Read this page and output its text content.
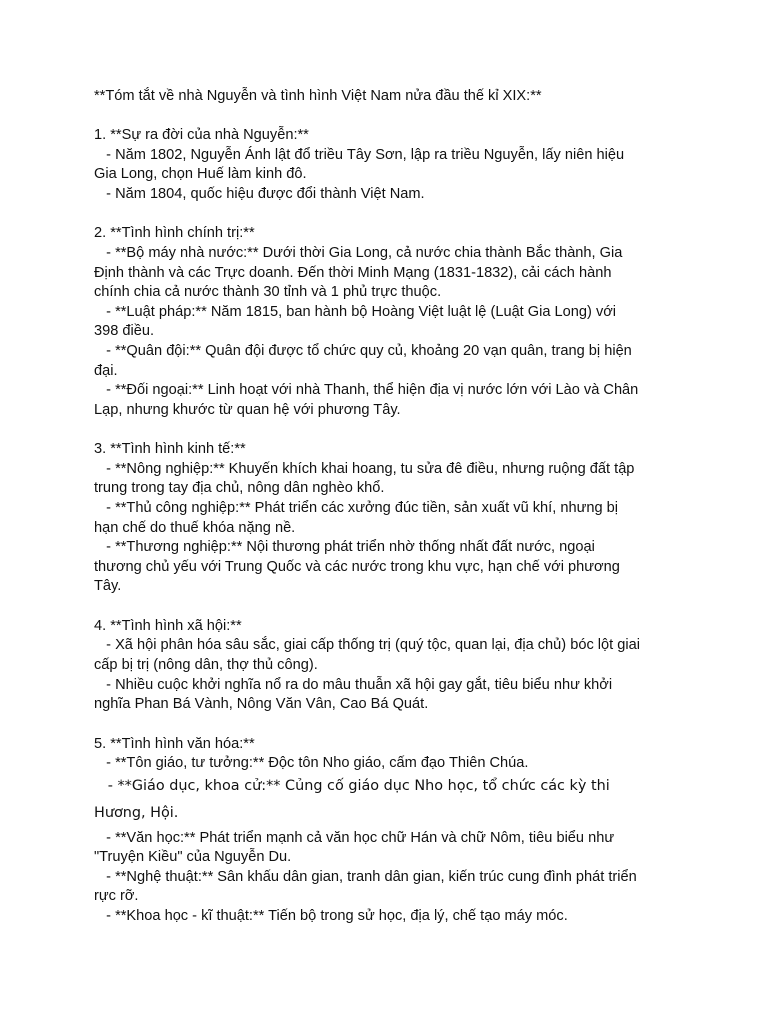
**Tóm tắt về nhà Nguyễn và tình hình Việt Nam nửa đầu thế kỉ XIX:**

1. **Sự ra đời của nhà Nguyễn:**

- Năm 1802, Nguyễn Ánh lật đổ triều Tây Sơn, lập ra triều Nguyễn, lấy niên hiệu

Gia Long, chọn Huế làm kinh đô.

- Năm 1804, quốc hiệu được đổi thành Việt Nam.

2. **Tình hình chính trị:**

- **Bộ máy nhà nước:** Dưới thời Gia Long, cả nước chia thành Bắc thành, Gia

Định thành và các Trực doanh. Đến thời Minh Mạng (1831-1832), cải cách hành

chính chia cả nước thành 30 tỉnh và 1 phủ trực thuộc.

- **Luật pháp:** Năm 1815, ban hành bộ Hoàng Việt luật lệ (Luật Gia Long) với

398 điều.

- **Quân đội:** Quân đội được tổ chức quy củ, khoảng 20 vạn quân, trang bị hiện

đại.

- **Đối ngoại:** Linh hoạt với nhà Thanh, thể hiện địa vị nước lớn với Lào và Chân

Lạp, nhưng khước từ quan hệ với phương Tây.

3. **Tình hình kinh tế:**

- **Nông nghiệp:** Khuyến khích khai hoang, tu sửa đê điều, nhưng ruộng đất tập

trung trong tay địa chủ, nông dân nghèo khổ.

- **Thủ công nghiệp:** Phát triển các xưởng đúc tiền, sản xuất vũ khí, nhưng bị

hạn chế do thuế khóa nặng nề.

- **Thương nghiệp:** Nội thương phát triển nhờ thống nhất đất nước, ngoại

thương chủ yếu với Trung Quốc và các nước trong khu vực, hạn chế với phương

Tây.

4. **Tình hình xã hội:**

- Xã hội phân hóa sâu sắc, giai cấp thống trị (quý tộc, quan lại, địa chủ) bóc lột giai

cấp bị trị (nông dân, thợ thủ công).

- Nhiều cuộc khởi nghĩa nổ ra do mâu thuẫn xã hội gay gắt, tiêu biểu như khởi

nghĩa Phan Bá Vành, Nông Văn Vân, Cao Bá Quát.

5. **Tình hình văn hóa:**

- **Tôn giáo, tư tưởng:** Độc tôn Nho giáo, cấm đạo Thiên Chúa.

- **Giáo dục, khoa cử:** Củng cố giáo dục Nho học, tổ chức các kỳ thi

Hương, Hội.

- **Văn học:** Phát triển mạnh cả văn học chữ Hán và chữ Nôm, tiêu biểu như

"Truyện Kiều" của Nguyễn Du.

- **Nghệ thuật:** Sân khấu dân gian, tranh dân gian, kiến trúc cung đình phát triển

rực rỡ.

- **Khoa học - kĩ thuật:** Tiến bộ trong sử học, địa lý, chế tạo máy móc.
